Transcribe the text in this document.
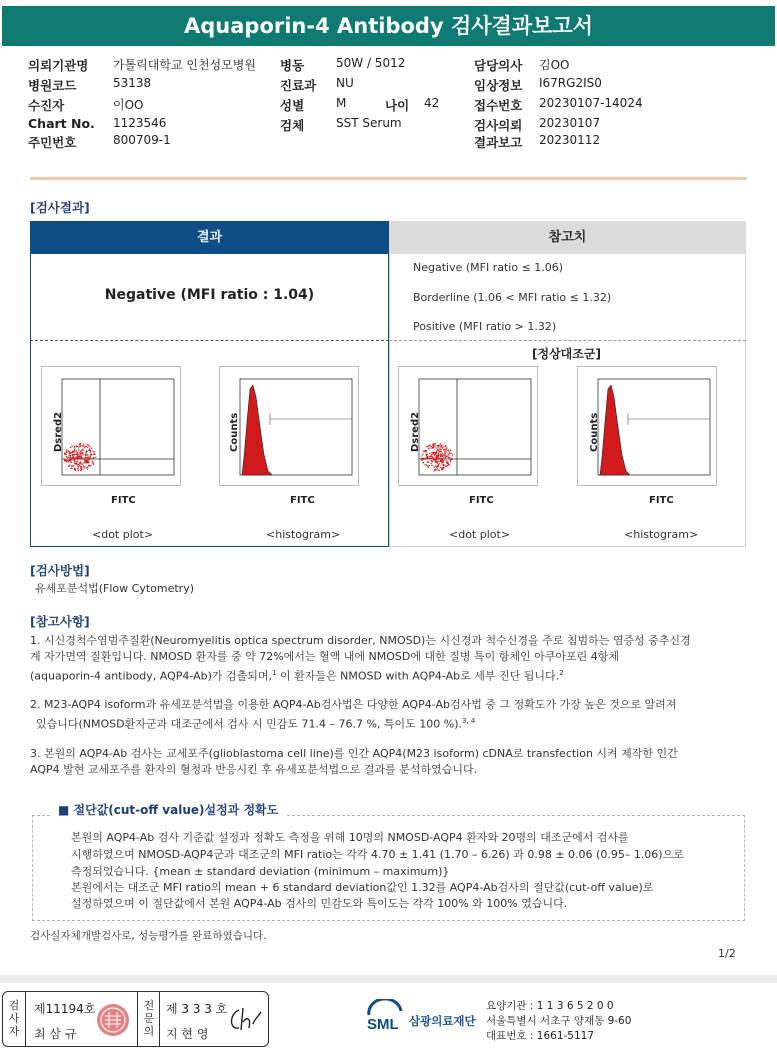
Aquaporin-4 Antibody 검사결과보고서
의뢰기관명 가톨릭대학교 인천성모병원
병원코드	53138
수진자	이OO
Chart No. 1123546
주민번호	800709-1
병동	50W / 5012
진료과 NU
성별	M	나이 42
검체	SST Serum
담당의사 김OO
임상정보 I67RG2IS0
접수번호 20230107-14024
검사의뢰 20230107
결과보고 20230112
[검사결과]
결과	참고치
Negative (MFI ratio : 1.04)
Negative (MFI ratio ≤ 1.06)
Borderline (1.06 < MFI ratio ≤ 1.32)
Positive (MFI ratio > 1.32)
[정상대조군]
Dsred2
FITC
<dot plot>
Counts
FITC
<histogram>
Dsred2
FITC
<dot plot>
Counts
FITC
<histogram>
[검사방법]
유세포분석법(Flow Cytometry)
[참고사항]
1. 시신경척수염범주질환(Neuromyelitis optica spectrum disorder, NMOSD)는 시신경과 척수신경을 주로 침범하는 염증성 중추신경
계 자가면역 질환입니다. NMOSD 환자를 중 약 72%에서는 혈액 내에 NMOSD에 대한 질병 특이 항체인 아쿠아포린 4항체
(aquaporin-4 antibody, AQP4-Ab)가 검출되며,$^1$ 이 환자들은 NMOSD with AQP4-Ab로 세부 진단 됩니다.$^2$
2. M23-AQP4 isoform과 유세포분석법을 이용한 AQP4-Ab검사법은 다양한 AQP4-Ab검사법 중 그 정확도가 가장 높은 것으로 알려져
있습니다(NMOSD환자군과 대조군에서 검사 시 민감도 71.4 – 76.7 %, 특이도 100 %).$^{3, 4}$
3. 본원의 AQP4-Ab 검사는 교세포주(glioblastoma cell line)를 인간 AQP4(M23 isoform) cDNA로 transfection 시켜 제작한 인간
AQP4 발현 교세포주를 환자의 혈청과 반응시킨 후 유세포분석법으로 결과를 분석하였습니다.
■ 절단값(cut-off value)설정과 정확도
본원의 AQP4-Ab 검사 기준값 설정과 정확도 측정을 위해 10명의 NMOSD-AQP4 환자와 20명의 대조군에서 검사를
시행하였으며 NMOSD-AQP4군과 대조군의 MFI ratio는 각각 4.70 ± 1.41 (1.70 – 6.26) 과 0.98 ± 0.06 (0.95– 1.06)으로
측정되었습니다. {mean ± standard deviation (minimum – maximum)}
본원에서는 대조군 MFI ratio의 mean + 6 standard deviation값인 1.32를 AQP4-Ab검사의 절단값(cut-off value)로
설정하였으며 이 절단값에서 본원 AQP4-Ab 검사의 민감도와 특이도는 각각 100% 와 100% 였습니다.
검사실자체개발검사로, 성능평가를 완료하였습니다.
1/2
검
사
자
제11194호
최 삼 규
전
문
의
제 3 3 3 호
지 현 영
SML 삼광의료재단
요양기관 : 1 1 3 6 5 2 0 0
서울특별시 서초구 양재동 9-60
대표번호 : 1661-5117
